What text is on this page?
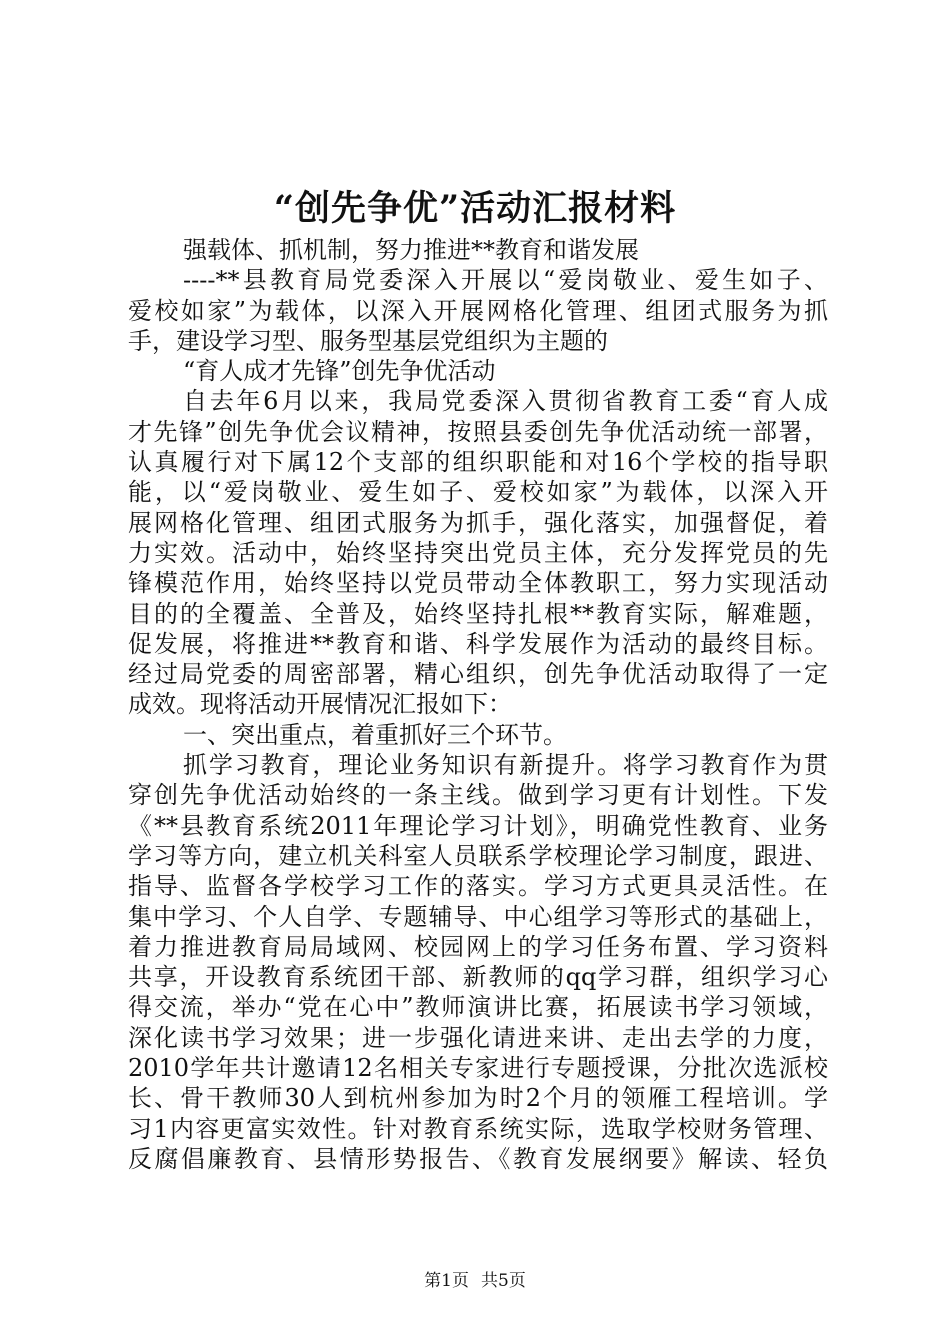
“创先争优”活动汇报材料
强载体、抓机制，努力推进**教育和谐发展
----**县教育局党委深入开展以“爱岗敬业、爱生如子、
爱校如家”为载体，以深入开展网格化管理、组团式服务为抓
手，建设学习型、服务型基层党组织为主题的
“育人成才先锋”创先争优活动
自去年6月以来，我局党委深入贯彻省教育工委“育人成
才先锋”创先争优会议精神，按照县委创先争优活动统一部署，
认真履行对下属12个支部的组织职能和对16个学校的指导职
能，以“爱岗敬业、爱生如子、爱校如家”为载体，以深入开
展网格化管理、组团式服务为抓手，强化落实，加强督促，着
力实效。活动中，始终坚持突出党员主体，充分发挥党员的先
锋模范作用，始终坚持以党员带动全体教职工，努力实现活动
目的的全覆盖、全普及，始终坚持扎根**教育实际，解难题，
促发展，将推进**教育和谐、科学发展作为活动的最终目标。
经过局党委的周密部署，精心组织，创先争优活动取得了一定
成效。现将活动开展情况汇报如下：
一、突出重点，着重抓好三个环节。
抓学习教育，理论业务知识有新提升。将学习教育作为贯
穿创先争优活动始终的一条主线。做到学习更有计划性。下发
《**县教育系统2011年理论学习计划》，明确党性教育、业务
学习等方向，建立机关科室人员联系学校理论学习制度，跟进、
指导、监督各学校学习工作的落实。学习方式更具灵活性。在
集中学习、个人自学、专题辅导、中心组学习等形式的基础上，
着力推进教育局局域网、校园网上的学习任务布置、学习资料
共享，开设教育系统团干部、新教师的qq学习群，组织学习心
得交流，举办“党在心中”教师演讲比赛，拓展读书学习领域，
深化读书学习效果；进一步强化请进来讲、走出去学的力度，
2010学年共计邀请12名相关专家进行专题授课，分批次选派校
长、骨干教师30人到杭州参加为时2个月的领雁工程培训。学
习1内容更富实效性。针对教育系统实际，选取学校财务管理、
反腐倡廉教育、县情形势报告、《教育发展纲要》解读、轻负
第1页 共5页
